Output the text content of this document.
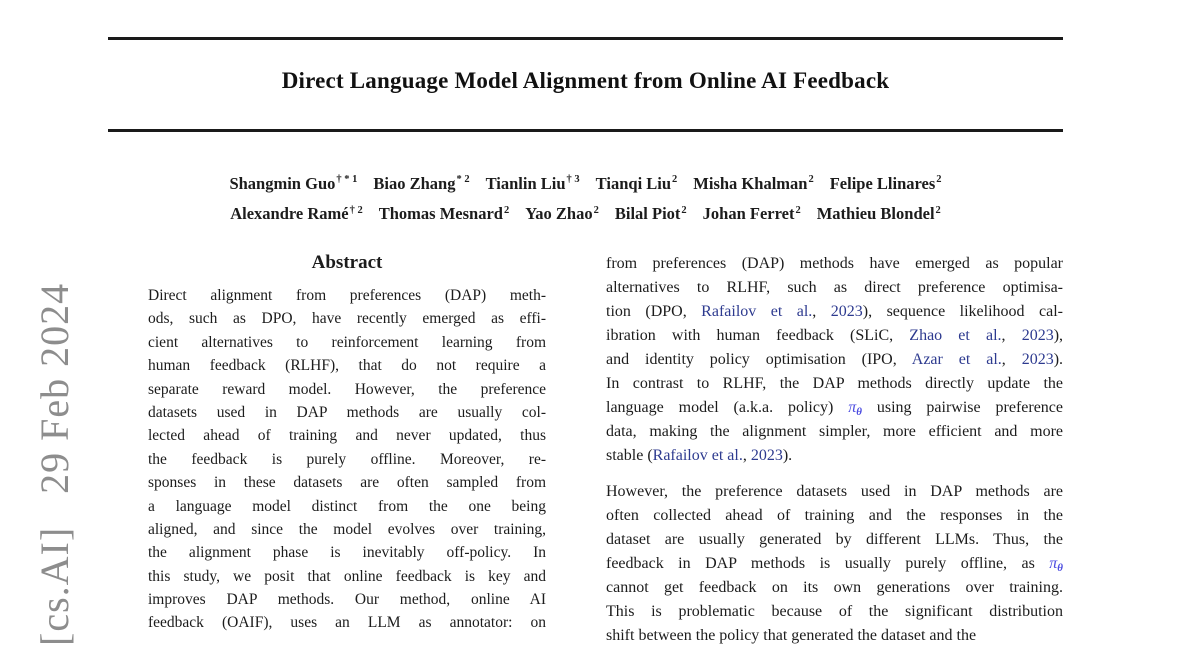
Direct Language Model Alignment from Online AI Feedback
Shangmin Guo$^{\dagger * 1}$ Biao Zhang$^{* 2}$ Tianlin Liu$^{\dagger 3}$ Tianqi Liu$^2$ Misha Khalman$^2$ Felipe Llinares$^2$
Alexandre Ramé$^{\dagger 2}$ Thomas Mesnard$^2$ Yao Zhao$^2$ Bilal Piot$^2$ Johan Ferret$^2$ Mathieu Blondel$^2$
Abstract
Direct alignment from preferences (DAP) meth-
ods, such as DPO, have recently emerged as effi-
cient alternatives to reinforcement learning from
human feedback (RLHF), that do not require a
separate reward model. However, the preference
datasets used in DAP methods are usually col-
lected ahead of training and never updated, thus
the feedback is purely offline. Moreover, re-
sponses in these datasets are often sampled from
a language model distinct from the one being
aligned, and since the model evolves over training,
the alignment phase is inevitably off-policy. In
this study, we posit that online feedback is key and
improves DAP methods. Our method, online AI
feedback (OAIF), uses an LLM as annotator: on
from preferences (DAP) methods have emerged as popular
alternatives to RLHF, such as direct preference optimisa-
tion (DPO, Rafailov et al., 2023), sequence likelihood cal-
ibration with human feedback (SLiC, Zhao et al., 2023),
and identity policy optimisation (IPO, Azar et al., 2023).
In contrast to RLHF, the DAP methods directly update the
language model (a.k.a. policy) πθ using pairwise preference
data, making the alignment simpler, more efficient and more
stable (Rafailov et al., 2023).
However, the preference datasets used in DAP methods are
often collected ahead of training and the responses in the
dataset are usually generated by different LLMs. Thus, the
feedback in DAP methods is usually purely offline, as πθ
cannot get feedback on its own generations over training.
This is problematic because of the significant distribution
shift between the policy that generated the dataset and the
[cs.AI]   29 Feb 2024
